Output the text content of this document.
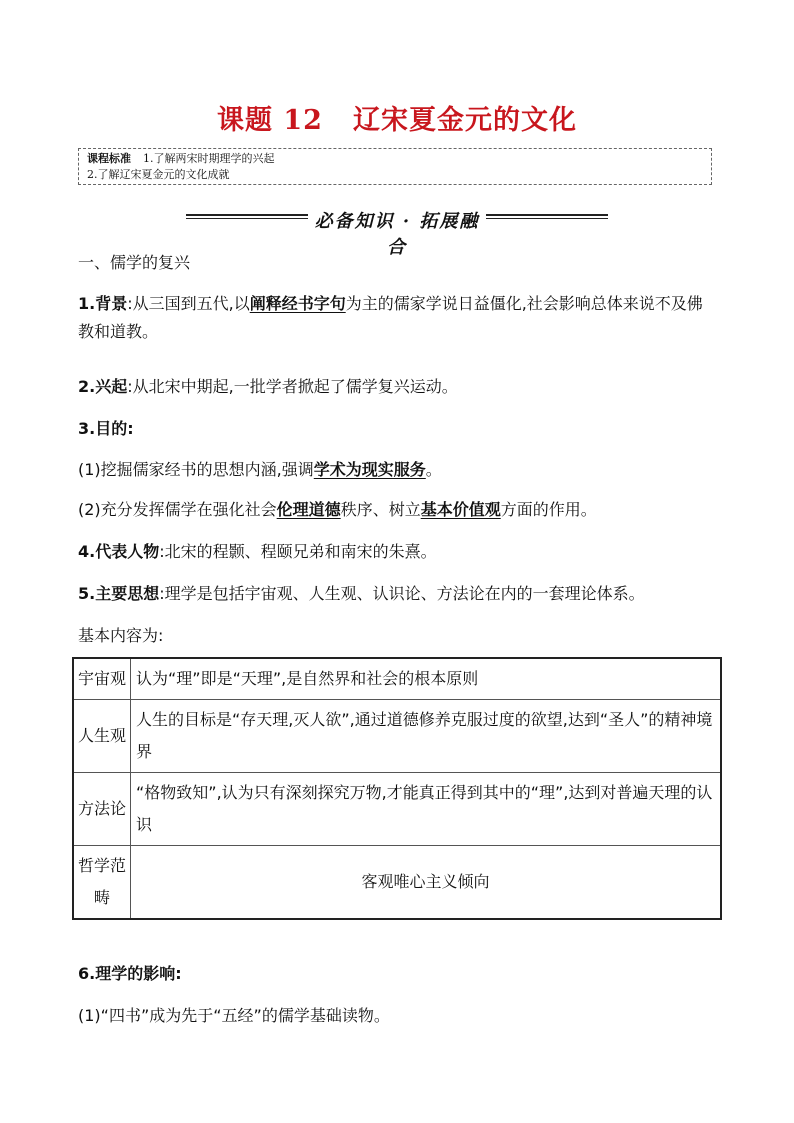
课题 12 辽宋夏金元的文化
课程标准 1.了解两宋时期理学的兴起
2.了解辽宋夏金元的文化成就
必备知识 · 拓展融合
一、儒学的复兴
1.背景:从三国到五代,以阐释经书字句为主的儒家学说日益僵化,社会影响总体来说不及佛教和道教。
2.兴起:从北宋中期起,一批学者掀起了儒学复兴运动。
3.目的:
(1)挖掘儒家经书的思想内涵,强调学术为现实服务。
(2)充分发挥儒学在强化社会伦理道德秩序、树立基本价值观方面的作用。
4.代表人物:北宋的程颢、程颐兄弟和南宋的朱熹。
5.主要思想:理学是包括宇宙观、人生观、认识论、方法论在内的一套理论体系。
基本内容为:
宇宙观	认为“理”即是“天理”,是自然界和社会的根本原则
人生观	人生的目标是“存天理,灭人欲”,通过道德修养克服过度的欲望,达到“圣人”的精神境界
方法论	“格物致知”,认为只有深刻探究万物,才能真正得到其中的“理”,达到对普遍天理的认识
哲学范畴	客观唯心主义倾向
6.理学的影响:
(1)“四书”成为先于“五经”的儒学基础读物。
